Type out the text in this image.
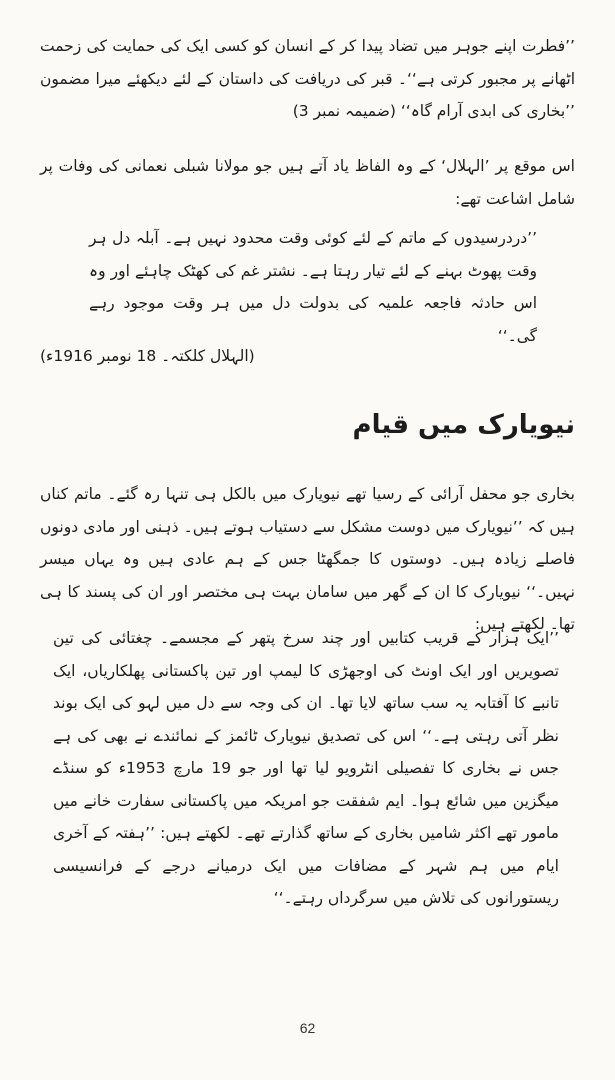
’’فطرت اپنے جوہر میں تضاد پیدا کر کے انسان کو کسی ایک کی حمایت کی زحمت اٹھانے پر مجبور کرتی ہے‘‘۔ قبر کی دریافت کی داستان کے لئے دیکھئے میرا مضمون ’’بخاری کی ابدی آرام گاہ‘‘ (ضمیمہ نمبر 3)

اس موقع پر ’الہلال‘ کے وہ الفاظ یاد آتے ہیں جو مولانا شبلی نعمانی کی وفات پر شامل اشاعت تھے:

’’دردرسیدوں کے ماتم کے لئے کوئی وقت محدود نہیں ہے۔ آبلہ دل ہر وقت پھوٹ بہنے کے لئے تیار رہتا ہے۔ نشتر غم کی کھٹک چاہئے اور وہ اس حادثہ فاجعہ علمیہ کی بدولت دل میں ہر وقت موجود رہے گی۔‘‘

(الہلال کلکتہ۔ 18 نومبر 1916ء)

نیویارک میں قیام

بخاری جو محفل آرائی کے رسیا تھے نیویارک میں بالکل ہی تنہا رہ گئے۔ ماتم کناں ہیں کہ ’’نیویارک میں دوست مشکل سے دستیاب ہوتے ہیں۔ ذہنی اور مادی دونوں فاصلے زیادہ ہیں۔ دوستوں کا جمگھٹا جس کے ہم عادی ہیں وہ یہاں میسر نہیں۔‘‘ نیویارک کا ان کے گھر میں سامان بہت ہی مختصر اور ان کی پسند کا ہی تھا۔ لکھتے ہیں:

’’ایک ہزار کے قریب کتابیں اور چند سرخ پتھر کے مجسمے۔ چغتائی کی تین تصویریں اور ایک اونٹ کی اوجھڑی کا لیمپ اور تین پاکستانی پھلکاریاں، ایک تانبے کا آفتابہ یہ سب ساتھ لایا تھا۔ ان کی وجہ سے دل میں لہو کی ایک بوند نظر آتی رہتی ہے۔‘‘ اس کی تصدیق نیویارک ٹائمز کے نمائندے نے بھی کی ہے جس نے بخاری کا تفصیلی انٹرویو لیا تھا اور جو 19 مارچ 1953ء کو سنڈے میگزین میں شائع ہوا۔ ایم شفقت جو امریکہ میں پاکستانی سفارت خانے میں مامور تھے اکثر شامیں بخاری کے ساتھ گذارتے تھے۔ لکھتے ہیں: ’’ہفتہ کے آخری ایام میں ہم شہر کے مضافات میں ایک درمیانے درجے کے فرانسیسی ریستورانوں کی تلاش میں سرگرداں رہتے۔‘‘

62
